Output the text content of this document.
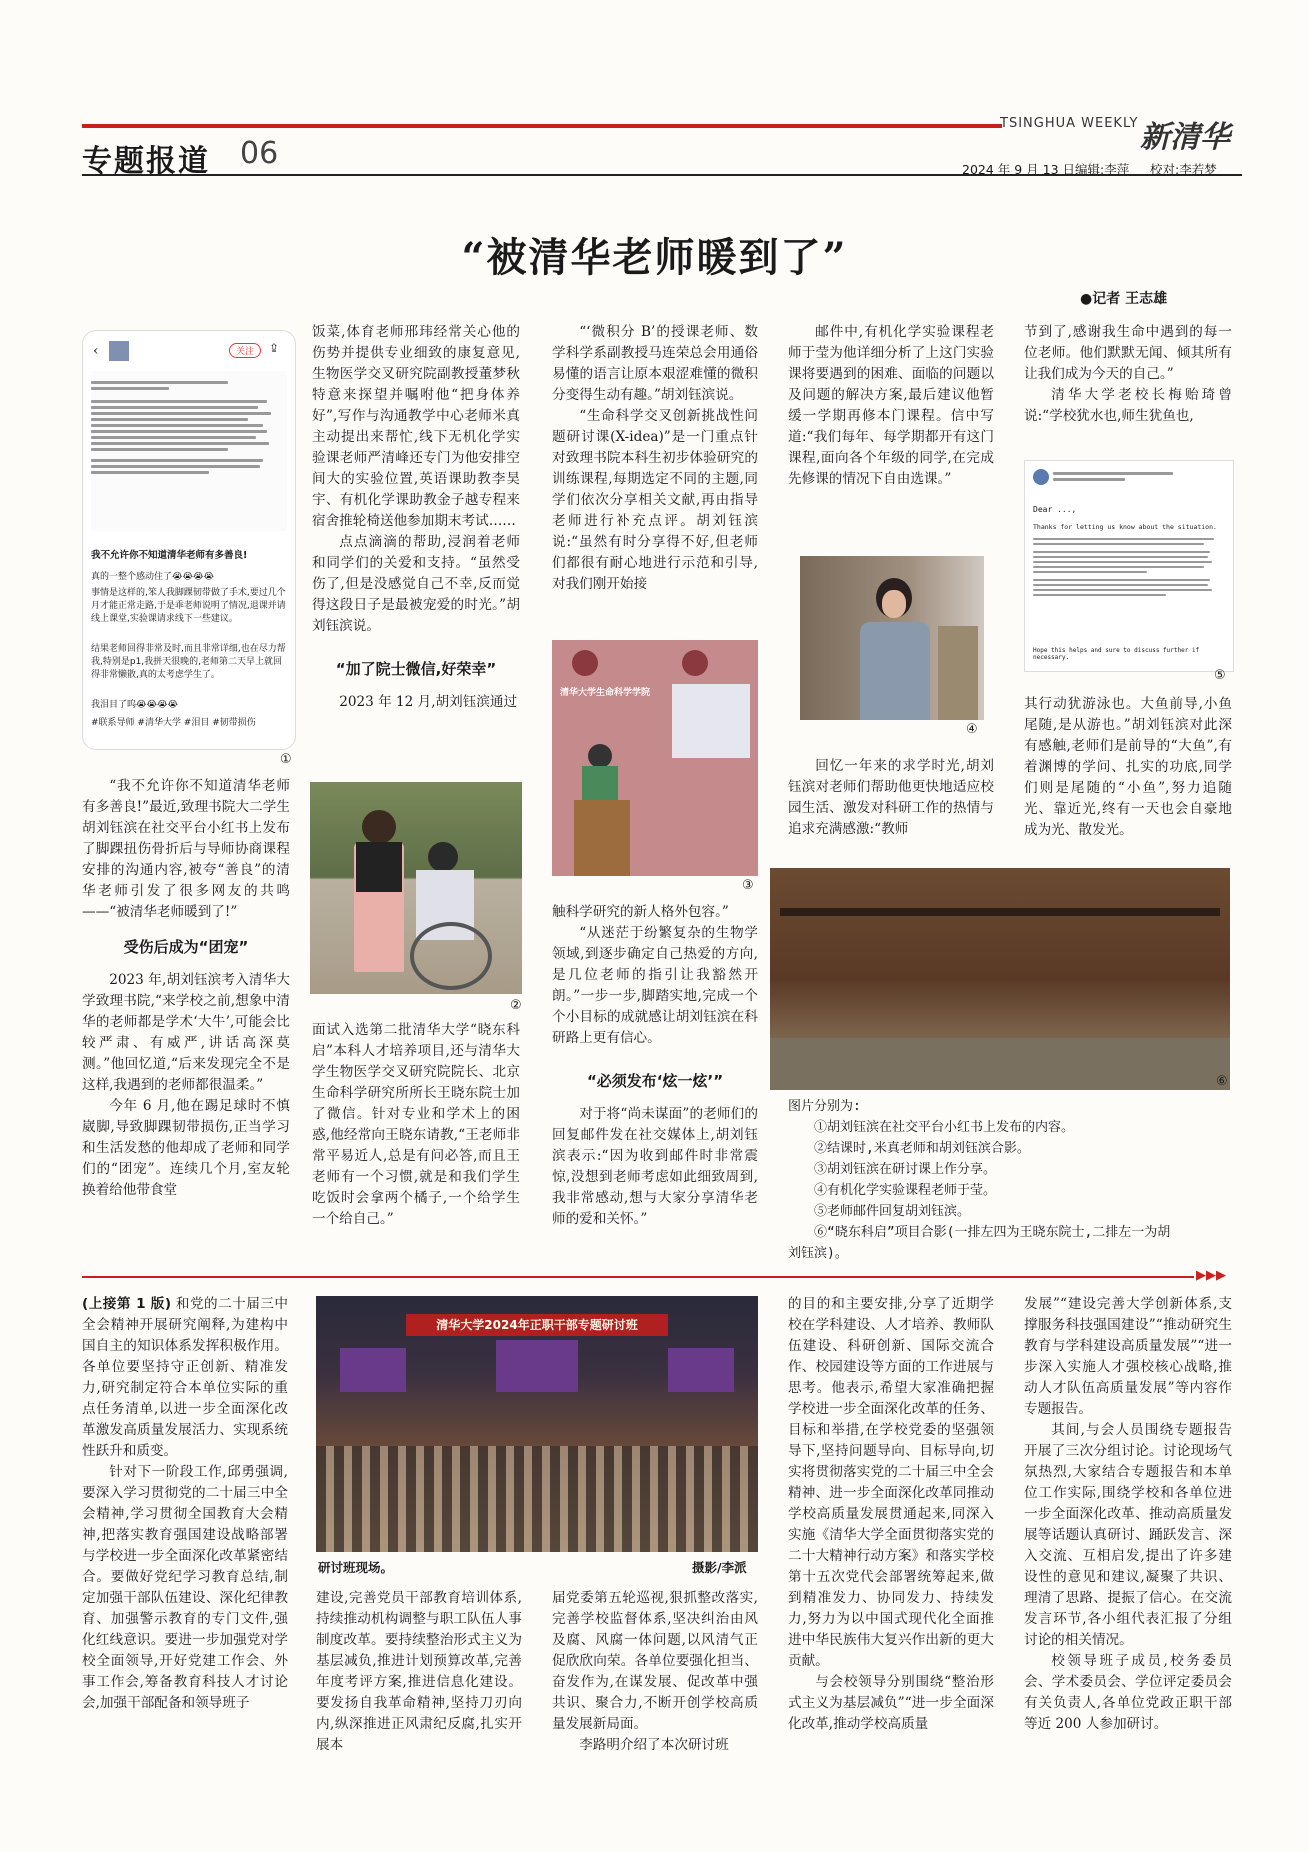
专题报道 06
TSINGHUA WEEKLY 新清华
2024 年 9 月 13 日 编辑:李萍 校对:李若梦
“被清华老师暖到了”
●记者 王志雄
‹	关注	⇪
我不允许你不知道清华老师有多善良!
真的一整个感动住了😭😭😭😭
事情是这样的,笨人我脚踝韧带做了手术,要过几个月才能正常走路,于是乖老师说明了情况,退课并请线上课堂,实验课请求线下一些建议。
结果老师回得非常及时,而且非常详细,也在尽力帮我,特别是p1,我拼天很晚的,老师第二天早上就回得非常懒散,真的太考虑学生了。
我泪目了呜😭😭😭😭
#联系导师 #清华大学 #泪目 #韧带损伤
①

“我不允许你不知道清华老师有多善良!”最近,致理书院大二学生胡刘钰滨在社交平台小红书上发布了脚踝扭伤骨折后与导师协商课程安排的沟通内容,被夸“善良”的清华老师引发了很多网友的共鸣——“被清华老师暖到了!”

受伤后成为“团宠”

2023 年,胡刘钰滨考入清华大学致理书院,“来学校之前,想象中清华的老师都是学术‘大牛’,可能会比较严肃、有威严,讲话高深莫测。”他回忆道,“后来发现完全不是这样,我遇到的老师都很温柔。”

今年 6 月,他在踢足球时不慎崴脚,导致脚踝韧带损伤,正当学习和生活发愁的他却成了老师和同学们的“团宠”。连续几个月,室友轮换着给他带食堂

饭菜,体育老师邢玮经常关心他的伤势并提供专业细致的康复意见,生物医学交叉研究院副教授董梦秋特意来探望并嘱咐他“把身体养好”,写作与沟通教学中心老师米真主动提出来帮忙,线下无机化学实验课老师严清峰还专门为他安排空间大的实验位置,英语课助教李昊宇、有机化学课助教金子越专程来宿舍推轮椅送他参加期末考试……

点点滴滴的帮助,浸润着老师和同学们的关爱和支持。“虽然受伤了,但是没感觉自己不幸,反而觉得这段日子是最被宠爱的时光。”胡刘钰滨说。

“加了院士微信,好荣幸”

2023 年 12 月,胡刘钰滨通过

②

面试入选第二批清华大学“晓东科启”本科人才培养项目,还与清华大学生物医学交叉研究院院长、北京生命科学研究所所长王晓东院士加了微信。针对专业和学术上的困惑,他经常向王晓东请教,“王老师非常平易近人,总是有问必答,而且王老师有一个习惯,就是和我们学生吃饭时会拿两个橘子,一个给学生一个给自己。”

“‘微积分 B’的授课老师、数学科学系副教授马连荣总会用通俗易懂的语言让原本艰涩难懂的微积分变得生动有趣。”胡刘钰滨说。

“生命科学交叉创新挑战性问题研讨课(X-idea)”是一门重点针对致理书院本科生初步体验研究的训练课程,每期选定不同的主题,同学们依次分享相关文献,再由指导老师进行补充点评。胡刘钰滨说:“虽然有时分享得不好,但老师们都很有耐心地进行示范和引导,对我们刚开始接

清华大学生命科学学院
③

触科学研究的新人格外包容。”

“从迷茫于纷繁复杂的生物学领域,到逐步确定自己热爱的方向,是几位老师的指引让我豁然开朗。”一步一步,脚踏实地,完成一个个小目标的成就感让胡刘钰滨在科研路上更有信心。

“必须发布‘炫一炫’”

对于将“尚未谋面”的老师们的回复邮件发在社交媒体上,胡刘钰滨表示:“因为收到邮件时非常震惊,没想到老师考虑如此细致周到,我非常感动,想与大家分享清华老师的爱和关怀。”

邮件中,有机化学实验课程老师于莹为他详细分析了上这门实验课将要遇到的困难、面临的问题以及问题的解决方案,最后建议他暂缓一学期再修本门课程。信中写道:“我们每年、每学期都开有这门课程,面向各个年级的同学,在完成先修课的情况下自由选课。”

④

回忆一年来的求学时光,胡刘钰滨对老师们帮助他更快地适应校园生活、激发对科研工作的热情与追求充满感激:“教师

节到了,感谢我生命中遇到的每一位老师。他们默默无闻、倾其所有让我们成为今天的自己。”

清华大学老校长梅贻琦曾说:“学校犹水也,师生犹鱼也,

Dear ...,
Thanks for letting us know about the situation.
Hope this helps and sure to discuss further if necessary.
⑤

其行动犹游泳也。大鱼前导,小鱼尾随,是从游也。”胡刘钰滨对此深有感触,老师们是前导的“大鱼”,有着渊博的学问、扎实的功底,同学们则是尾随的“小鱼”,努力追随光、靠近光,终有一天也会自豪地成为光、散发光。

⑥
图片分别为:
①胡刘钰滨在社交平台小红书上发布的内容。
②结课时,米真老师和胡刘钰滨合影。
③胡刘钰滨在研讨课上作分享。
④有机化学实验课程老师于莹。
⑤老师邮件回复胡刘钰滨。
⑥“晓东科启”项目合影(一排左四为王晓东院士,二排左一为胡
刘钰滨)。
▶▶▶

(上接第 1 版) 和党的二十届三中全会精神开展研究阐释,为建构中国自主的知识体系发挥积极作用。各单位要坚持守正创新、精准发力,研究制定符合本单位实际的重点任务清单,以进一步全面深化改革激发高质量发展活力、实现系统性跃升和质变。

针对下一阶段工作,邱勇强调,要深入学习贯彻党的二十届三中全会精神,学习贯彻全国教育大会精神,把落实教育强国建设战略部署与学校进一步全面深化改革紧密结合。要做好党纪学习教育总结,制定加强干部队伍建设、深化纪律教育、加强警示教育的专门文件,强化红线意识。要进一步加强党对学校全面领导,开好党建工作会、外事工作会,筹备教育科技人才讨论会,加强干部配备和领导班子

清华大学2024年正职干部专题研讨班
研讨班现场。	摄影/李派

建设,完善党员干部教育培训体系,持续推动机构调整与职工队伍人事制度改革。要持续整治形式主义为基层减负,推进计划预算改革,完善年度考评方案,推进信息化建设。要发扬自我革命精神,坚持刀刃向内,纵深推进正风肃纪反腐,扎实开展本

届党委第五轮巡视,狠抓整改落实,完善学校监督体系,坚决纠治由风及腐、风腐一体问题,以风清气正促欣欣向荣。各单位要强化担当、奋发作为,在谋发展、促改革中强共识、聚合力,不断开创学校高质量发展新局面。

李路明介绍了本次研讨班

的目的和主要安排,分享了近期学校在学科建设、人才培养、教师队伍建设、科研创新、国际交流合作、校园建设等方面的工作进展与思考。他表示,希望大家准确把握学校进一步全面深化改革的任务、目标和举措,在学校党委的坚强领导下,坚持问题导向、目标导向,切实将贯彻落实党的二十届三中全会精神、进一步全面深化改革同推动学校高质量发展贯通起来,同深入实施《清华大学全面贯彻落实党的二十大精神行动方案》和落实学校第十五次党代会部署统筹起来,做到精准发力、协同发力、持续发力,努力为以中国式现代化全面推进中华民族伟大复兴作出新的更大贡献。

与会校领导分别围绕“整治形式主义为基层减负”“进一步全面深化改革,推动学校高质量

发展”“建设完善大学创新体系,支撑服务科技强国建设”“推动研究生教育与学科建设高质量发展”“进一步深入实施人才强校核心战略,推动人才队伍高质量发展”等内容作专题报告。

其间,与会人员围绕专题报告开展了三次分组讨论。讨论现场气氛热烈,大家结合专题报告和本单位工作实际,围绕学校和各单位进一步全面深化改革、推动高质量发展等话题认真研讨、踊跃发言、深入交流、互相启发,提出了许多建设性的意见和建议,凝聚了共识、理清了思路、提振了信心。在交流发言环节,各小组代表汇报了分组讨论的相关情况。

校领导班子成员,校务委员会、学术委员会、学位评定委员会有关负责人,各单位党政正职干部等近 200 人参加研讨。
